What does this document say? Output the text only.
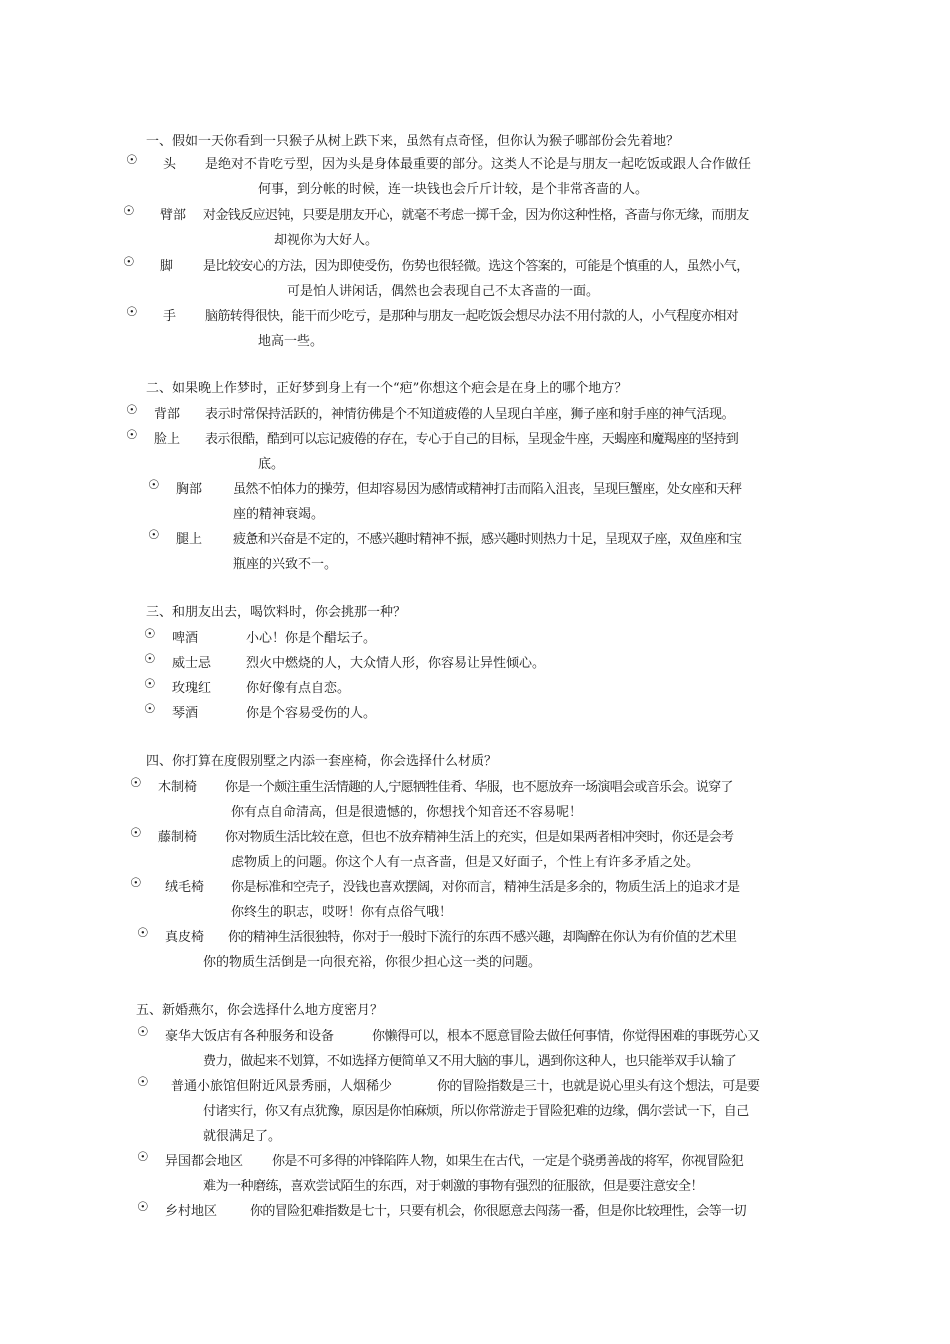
一、假如一天你看到一只猴子从树上跌下来，虽然有点奇怪，但你认为猴子哪部份会先着地？
☉ 头 是绝对不肯吃亏型，因为头是身体最重要的部分。这类人不论是与朋友一起吃饭或跟人合作做任
何事，到分帐的时候，连一块钱也会斤斤计较，是个非常吝啬的人。
☉ 臂部 对金钱反应迟钝，只要是朋友开心，就毫不考虑一掷千金，因为你这种性格，吝啬与你无缘，而朋友
却视你为大好人。
☉ 脚 是比较安心的方法，因为即使受伤，伤势也很轻微。选这个答案的，可能是个慎重的人，虽然小气，
可是怕人讲闲话，偶然也会表现自己不太吝啬的一面。
☉ 手 脑筋转得很快，能干而少吃亏，是那种与朋友一起吃饭会想尽办法不用付款的人，小气程度亦相对
地高一些。
二、如果晚上作梦时，正好梦到身上有一个“疤”你想这个疤会是在身上的哪个地方？
☉ 背部 表示时常保持活跃的，神情彷佛是个不知道疲倦的人呈现白羊座，狮子座和射手座的神气活现。
☉ 脸上 表示很酷，酷到可以忘记疲倦的存在，专心于自己的目标，呈现金牛座，天蝎座和魔羯座的坚持到
底。
☉ 胸部 虽然不怕体力的操劳，但却容易因为感情或精神打击而陷入沮丧，呈现巨蟹座，处女座和天秤
座的精神衰竭。
☉ 腿上 疲惫和兴奋是不定的，不感兴趣时精神不振，感兴趣时则热力十足，呈现双子座，双鱼座和宝
瓶座的兴致不一。
三、和朋友出去，喝饮料时，你会挑那一种？
☉ 啤酒	小心！你是个醋坛子。
☉ 威士忌	烈火中燃烧的人，大众情人形，你容易让异性倾心。
☉ 玫瑰红	你好像有点自恋。
☉ 琴酒	你是个容易受伤的人。
四、你打算在度假别墅之内添一套座椅，你会选择什么材质？
☉ 木制椅 你是一个颇注重生活情趣的人,宁愿牺牲佳肴、华服，也不愿放弃一场演唱会或音乐会。说穿了
你有点自命清高，但是很遗憾的，你想找个知音还不容易呢！
☉ 藤制椅 你对物质生活比较在意，但也不放弃精神生活上的充实，但是如果两者相冲突时，你还是会考
虑物质上的问题。你这个人有一点吝啬，但是又好面子，个性上有许多矛盾之处。
☉ 绒毛椅 你是标准和空壳子，没钱也喜欢摆阔，对你而言，精神生活是多余的，物质生活上的追求才是
你终生的职志，哎呀！你有点俗气哦！
☉ 真皮椅 你的精神生活很独特，你对于一般时下流行的东西不感兴趣，却陶醉在你认为有价值的艺术里
你的物质生活倒是一向很充裕，你很少担心这一类的问题。
五、新婚燕尔，你会选择什么地方度密月？
☉ 豪华大饭店有各种服务和设备	你懒得可以，根本不愿意冒险去做任何事情，你觉得困难的事既劳心又
费力，做起来不划算，不如选择方便简单又不用大脑的事儿，遇到你这种人，也只能举双手认输了
☉ 普通小旅馆但附近风景秀丽，人烟稀少	你的冒险指数是三十，也就是说心里头有这个想法，可是要
付诸实行，你又有点犹豫，原因是你怕麻烦，所以你常游走于冒险犯难的边缘，偶尔尝试一下，自己
就很满足了。
☉ 异国都会地区 你是不可多得的冲锋陷阵人物，如果生在古代，一定是个骁勇善战的将军，你视冒险犯
难为一种磨练，喜欢尝试陌生的东西，对于刺激的事物有强烈的征服欲，但是要注意安全！
☉ 乡村地区	你的冒险犯难指数是七十，只要有机会，你很愿意去闯荡一番，但是你比较理性，会等一切
